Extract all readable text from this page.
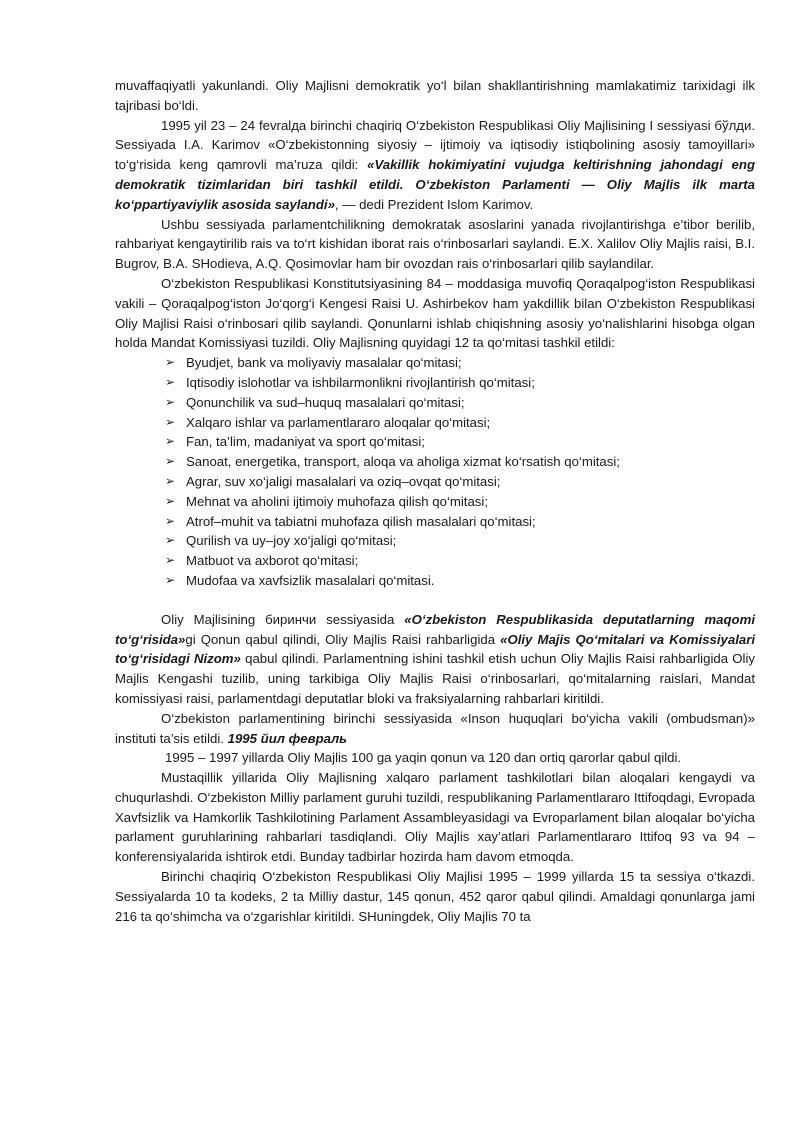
muvaffaqiyatli yakunlandi. Oliy Majlisni demokratik yo‘l bilan shakllantirishning mamlakatimiz tarixidagi ilk tajribasi bo‘ldi.

1995 yil 23 – 24 fevralда birinchi chaqiriq O‘zbekiston Respublikasi Oliy Majlisining I sessiyasi бўлди. Sessiyada I.A. Karimov «O‘zbekistonning siyosiy – ijtimoiy va iqtisodiy istiqbolining asosiy tamoyillari» to‘g‘risida keng qamrovli ma’ruza qildi: «Vakillik hokimiyatini vujudga keltirishning jahondagi eng demokratik tizimlaridan biri tashkil etildi. O‘zbekiston Parlamenti — Oliy Majlis ilk marta ko‘ppartiyaviylik asosida saylandi», — dedi Prezident Islom Karimov.

Ushbu sessiyada parlamentchilikning demokratak asoslarini yanada rivojlantirishga e’tibor berilib, rahbariyat kengaytirilib rais va to‘rt kishidan iborat rais o‘rinbosarlari saylandi. E.X. Xalilov Oliy Majlis raisi, B.I. Bugrov, B.A. SHodieva, A.Q. Qosimovlar ham bir ovozdan rais o‘rinbosarlari qilib saylandilar.

O‘zbekiston Respublikasi Konstitutsiyasining 84 – moddasiga muvofiq Qoraqalpog‘iston Respublikasi vakili – Qoraqalpog‘iston Jo‘qorg‘i Kengesi Raisi U. Ashirbekov ham yakdillik bilan O‘zbekiston Respublikasi Oliy Majlisi Raisi o‘rinbosari qilib saylandi. Qonunlarni ishlab chiqishning asosiy yo‘nalishlarini hisobga olgan holda Mandat Komissiyasi tuzildi. Oliy Majlisning quyidagi 12 ta qo‘mitasi tashkil etildi:

➢ Byudjet, bank va moliyaviy masalalar qo‘mitasi;
➢ Iqtisodiy islohotlar va ishbilarmonlikni rivojlantirish qo‘mitasi;
➢ Qonunchilik va sud–huquq masalalari qo‘mitasi;
➢ Xalqaro ishlar va parlamentlararo aloqalar qo‘mitasi;
➢ Fan, ta’lim, madaniyat va sport qo‘mitasi;
➢ Sanoat, energetika, transport, aloqa va aholiga xizmat ko‘rsatish qo‘mitasi;
➢ Agrar, suv xo‘jaligi masalalari va oziq–ovqat qo‘mitasi;
➢ Mehnat va aholini ijtimoiy muhofaza qilish qo‘mitasi;
➢ Atrof–muhit va tabiatni muhofaza qilish masalalari qo‘mitasi;
➢ Qurilish va uy–joy xo‘jaligi qo‘mitasi;
➢ Matbuot va axborot qo‘mitasi;
➢ Mudofaa va xavfsizlik masalalari qo‘mitasi.

Oliy Majlisining биринчи sessiyasida «O‘zbekiston Respublikasida deputatlarning maqomi to‘g‘risida»gi Qonun qabul qilindi, Oliy Majlis Raisi rahbarligida «Oliy Majis Qo‘mitalari va Komissiyalari to‘g‘risidagi Nizom» qabul qilindi. Parlamentning ishini tashkil etish uchun Oliy Majlis Raisi rahbarligida Oliy Majlis Kengashi tuzilib, uning tarkibiga Oliy Majlis Raisi o‘rinbosarlari, qo‘mitalarning raislari, Mandat komissiyasi raisi, parlamentdagi deputatlar bloki va fraksiyalarning rahbarlari kiritildi.

O‘zbekiston parlamentining birinchi sessiyasida «Inson huquqlari bo‘yicha vakili (ombudsman)» instituti ta’sis etildi. 1995 йил феврaль

1995 – 1997 yillarda Oliy Majlis 100 ga yaqin qonun va 120 dan ortiq qarorlar qabul qildi.

Mustaqillik yillarida Oliy Majlisning xalqaro parlament tashkilotlari bilan aloqalari kengaydi va chuqurlashdi. O‘zbekiston Milliy parlament guruhi tuzildi, respublikaning Parlamentlararo Ittifoqdagi, Evropada Xavfsizlik va Hamkorlik Tashkilotining Parlament Assambleyasidagi va Evroparlament bilan aloqalar bo‘yicha parlament guruhlarining rahbarlari tasdiqlandi. Oliy Majlis xay’atlari Parlamentlararo Ittifoq 93 va 94 – konferensiyalarida ishtirok etdi. Bunday tadbirlar hozirda ham davom etmoqda.

Birinchi chaqiriq O‘zbekiston Respublikasi Oliy Majlisi 1995 – 1999 yillarda 15 ta sessiya o‘tkazdi. Sessiyalarda 10 ta kodeks, 2 ta Milliy dastur, 145 qonun, 452 qaror qabul qilindi. Amaldagi qonunlarga jami 216 ta qo‘shimcha va o‘zgarishlar kiritildi. SHuningdek, Oliy Majlis 70 ta
